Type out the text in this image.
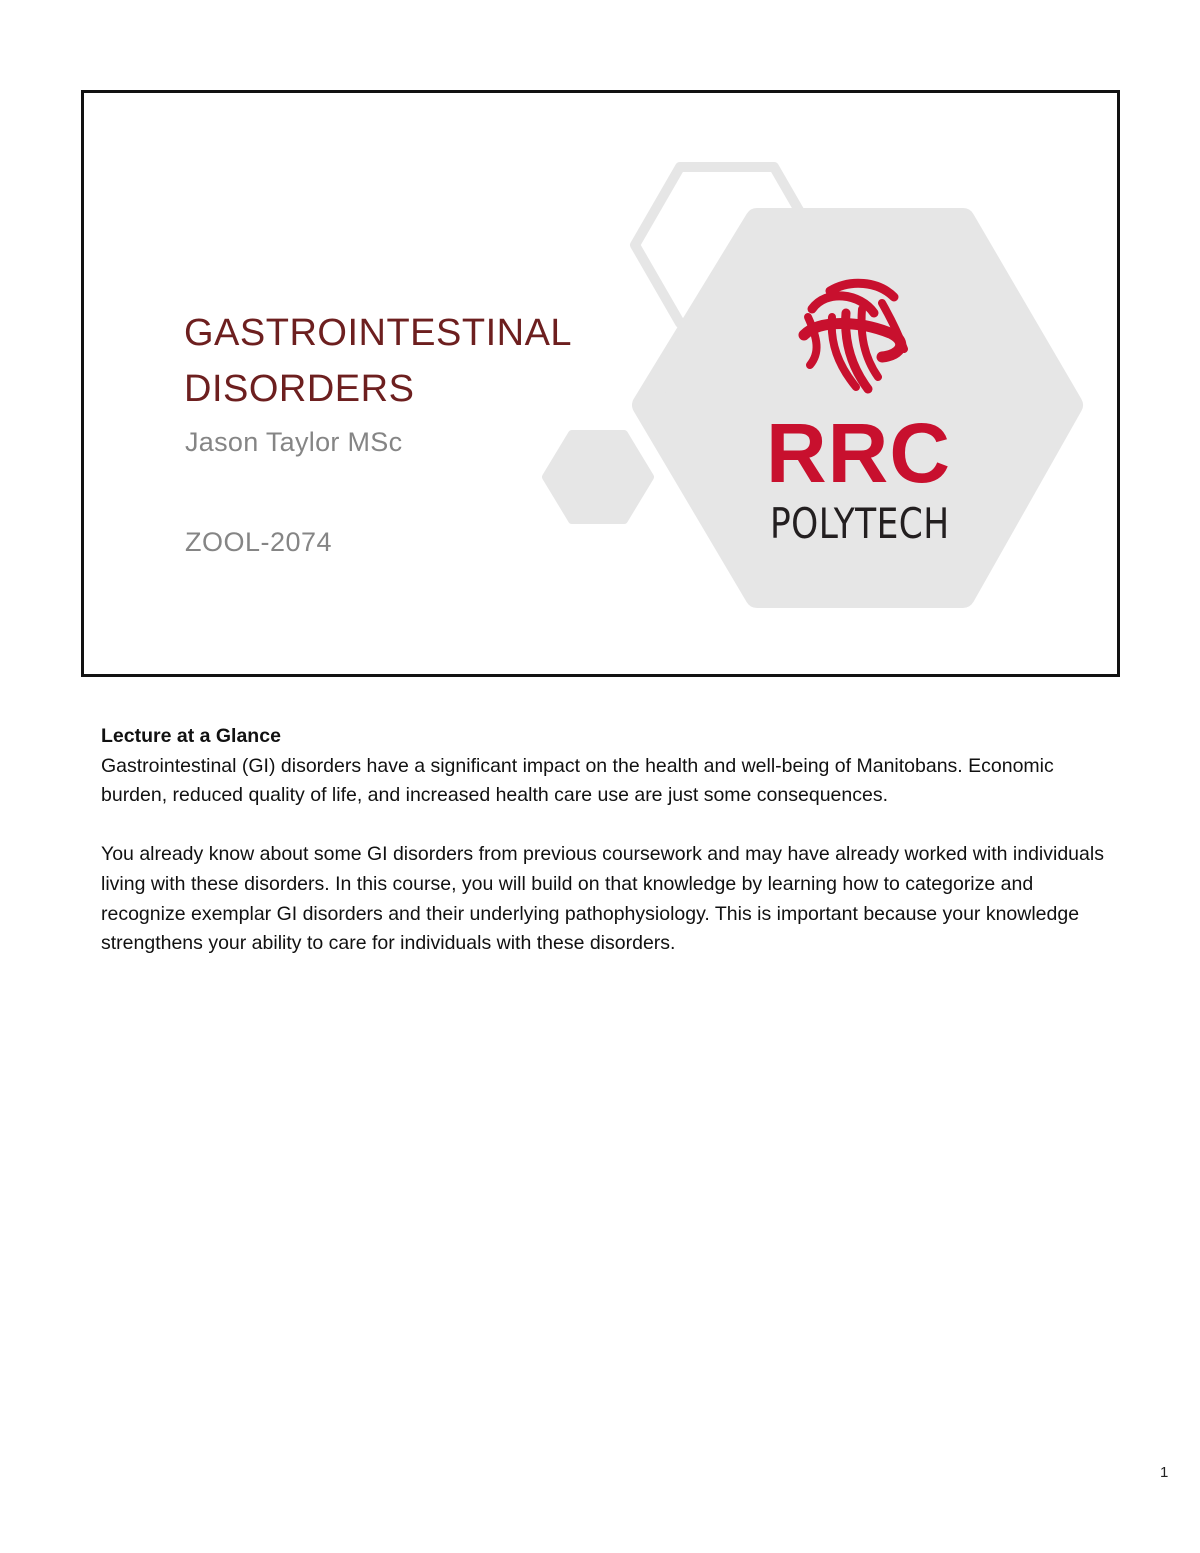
GASTROINTESTINAL DISORDERS

Jason Taylor MSc

ZOOL-2074

RRC

POLYTECH

Lecture at a Glance

Gastrointestinal (GI) disorders have a significant impact on the health and well-being of Manitobans. Economic burden, reduced quality of life, and increased health care use are just some consequences.

You already know about some GI disorders from previous coursework and may have already worked with individuals living with these disorders. In this course, you will build on that knowledge by learning how to categorize and recognize exemplar GI disorders and their underlying pathophysiology. This is important because your knowledge strengthens your ability to care for individuals with these disorders.

1
